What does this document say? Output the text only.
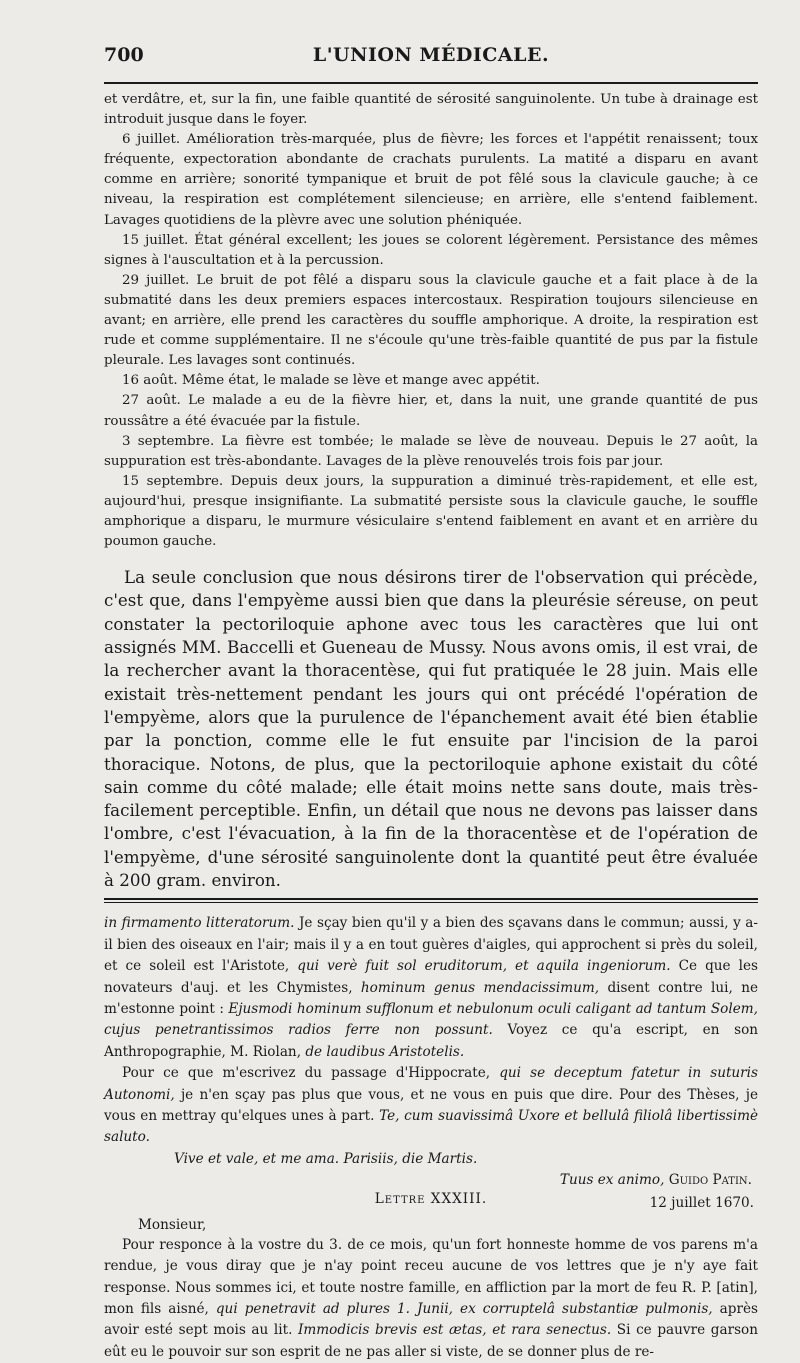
700	L'UNION MÉDICALE.

et verdâtre, et, sur la fin, une faible quantité de sérosité sanguinolente. Un tube à drainage est introduit jusque dans le foyer.

6 juillet. Amélioration très-marquée, plus de fièvre; les forces et l'appétit renaissent; toux fréquente, expectoration abondante de crachats purulents. La matité a disparu en avant comme en arrière; sonorité tympanique et bruit de pot fêlé sous la clavicule gauche; à ce niveau, la respiration est complétement silencieuse; en arrière, elle s'entend faiblement. Lavages quotidiens de la plèvre avec une solution phéniquée.

15 juillet. État général excellent; les joues se colorent légèrement. Persistance des mêmes signes à l'auscultation et à la percussion.

29 juillet. Le bruit de pot fêlé a disparu sous la clavicule gauche et a fait place à de la submatité dans les deux premiers espaces intercostaux. Respiration toujours silencieuse en avant; en arrière, elle prend les caractères du souffle amphorique. A droite, la respiration est rude et comme supplémentaire. Il ne s'écoule qu'une très-faible quantité de pus par la fistule pleurale. Les lavages sont continués.

16 août. Même état, le malade se lève et mange avec appétit.

27 août. Le malade a eu de la fièvre hier, et, dans la nuit, une grande quantité de pus roussâtre a été évacuée par la fistule.

3 septembre. La fièvre est tombée; le malade se lève de nouveau. Depuis le 27 août, la suppuration est très-abondante. Lavages de la plève renouvelés trois fois par jour.

15 septembre. Depuis deux jours, la suppuration a diminué très-rapidement, et elle est, aujourd'hui, presque insignifiante. La submatité persiste sous la clavicule gauche, le souffle amphorique a disparu, le murmure vésiculaire s'entend faiblement en avant et en arrière du poumon gauche.

La seule conclusion que nous désirons tirer de l'observation qui précède, c'est que, dans l'empyème aussi bien que dans la pleurésie séreuse, on peut constater la pectoriloquie aphone avec tous les caractères que lui ont assignés MM. Baccelli et Gueneau de Mussy. Nous avons omis, il est vrai, de la rechercher avant la thoracentèse, qui fut pratiquée le 28 juin. Mais elle existait très-nettement pendant les jours qui ont précédé l'opération de l'empyème, alors que la purulence de l'épanchement avait été bien établie par la ponction, comme elle le fut ensuite par l'incision de la paroi thoracique. Notons, de plus, que la pectoriloquie aphone existait du côté sain comme du côté malade; elle était moins nette sans doute, mais très-facilement perceptible. Enfin, un détail que nous ne devons pas laisser dans l'ombre, c'est l'évacuation, à la fin de la thoracentèse et de l'opération de l'empyème, d'une sérosité sanguinolente dont la quantité peut être évaluée à 200 gram. environ.

in firmamento litteratorum. Je sçay bien qu'il y a bien des sçavans dans le commun; aussi, y a-il bien des oiseaux en l'air; mais il y a en tout guères d'aigles, qui approchent si près du soleil, et ce soleil est l'Aristote, qui verè fuit sol eruditorum, et aquila ingeniorum. Ce que les novateurs d'auj. et les Chymistes, hominum genus mendacissimum, disent contre lui, ne m'estonne point : Ejusmodi hominum sufflonum et nebulonum oculi caligant ad tantum Solem, cujus penetrantissimos radios ferre non possunt. Voyez ce qu'a escript, en son Anthropographie, M. Riolan, de laudibus Aristotelis.

Pour ce que m'escrivez du passage d'Hippocrate, qui se deceptum fatetur in suturis Autonomi, je n'en sçay pas plus que vous, et ne vous en puis que dire. Pour des Thèses, je vous en mettray qu'elques unes à part. Te, cum suavissimâ Uxore et bellulâ filiolâ libertissimè saluto.

Vive et vale, et me ama. Parisiis, die Martis.
Tuus ex animo, Guido Patin.
Lettre XXXIII.	12 juillet 1670.
Monsieur,

Pour responce à la vostre du 3. de ce mois, qu'un fort honneste homme de vos parens m'a rendue, je vous diray que je n'ay point receu aucune de vos lettres que je n'y aye fait response. Nous sommes ici, et toute nostre famille, en affliction par la mort de feu R. P. [atin], mon fils aisné, qui penetravit ad plures 1. Junii, ex corruptelâ substantiæ pulmonis, après avoir esté sept mois au lit. Immodicis brevis est ætas, et rara senectus. Si ce pauvre garson eût eu le pouvoir sur son esprit de ne pas aller si viste, de se donner plus de re-
